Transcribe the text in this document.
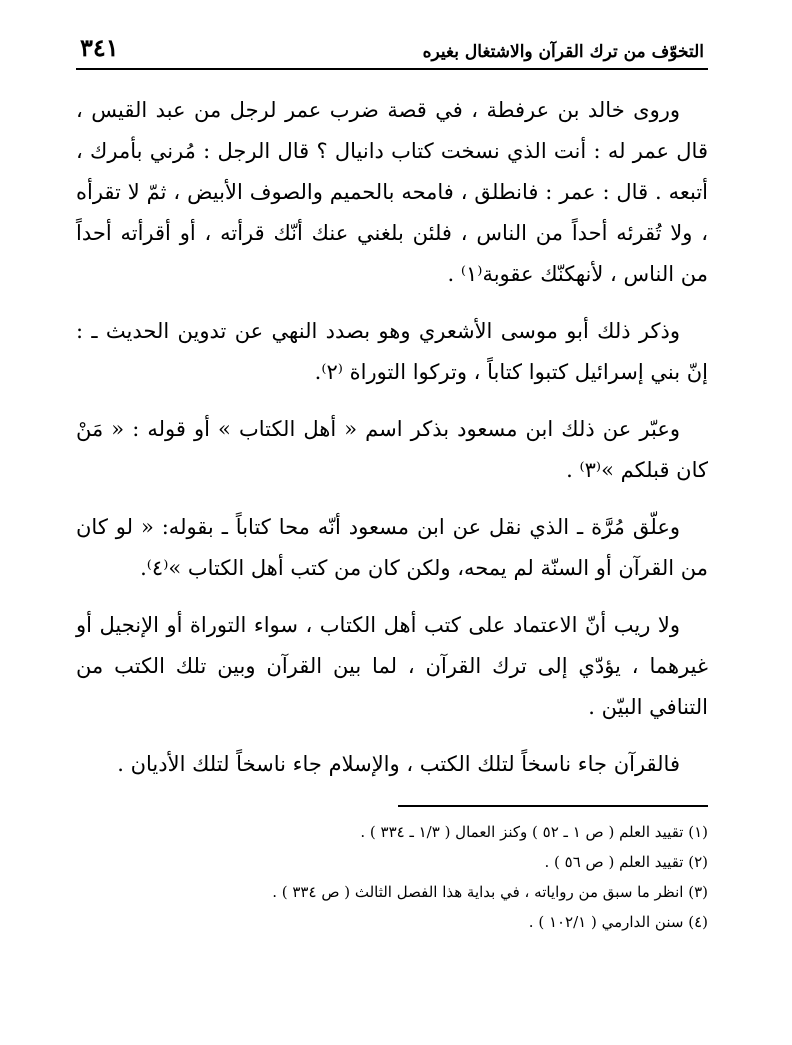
التخوّف من ترك القرآن والاشتغال بغيره
٣٤١

وروى خالد بن عرفطة ، في قصة ضرب عمر لرجل من عبد القيس ، قال عمر له : أنت الذي نسخت كتاب دانيال ؟ قال الرجل : مُرني بأمرك ، أتبعه . قال : عمر : فانطلق ، فامحه بالحميم والصوف الأبيض ، ثمّ لا تقرأه ، ولا تُقرئه أحداً من الناس ، فلئن بلغني عنك أنّك قرأته ، أو أقرأته أحداً من الناس ، لأنهكنّك عقوبة⁽١⁾ .

وذكر ذلك أبو موسى الأشعري وهو بصدد النهي عن تدوين الحديث ـ : إنّ بني إسرائيل كتبوا كتاباً ، وتركوا التوراة ⁽٢⁾.

وعبّر عن ذلك ابن مسعود بذكر اسم « أهل الكتاب » أو قوله : « مَنْ كان قبلكم »⁽٣⁾ .

وعلّق مُرَّة ـ الذي نقل عن ابن مسعود أنّه محا كتاباً ـ بقوله: « لو كان من القرآن أو السنّة لم يمحه، ولكن كان من كتب أهل الكتاب »⁽٤⁾.

ولا ريب أنّ الاعتماد على كتب أهل الكتاب ، سواء التوراة أو الإنجيل أو غيرهما ، يؤدّي إلى ترك القرآن ، لما بين القرآن وبين تلك الكتب من التنافي البيّن .

فالقرآن جاء ناسخاً لتلك الكتب ، والإسلام جاء ناسخاً لتلك الأديان .

(١) تقييد العلم ( ص ١ ـ ٥٢ ) وكنز العمال ( ١/٣ ـ ٣٣٤ ) .

(٢) تقييد العلم ( ص ٥٦ ) .

(٣) انظر ما سبق من رواياته ، في بداية هذا الفصل الثالث ( ص ٣٣٤ ) .

(٤) سنن الدارمي ( ١٠٢/١ ) .
